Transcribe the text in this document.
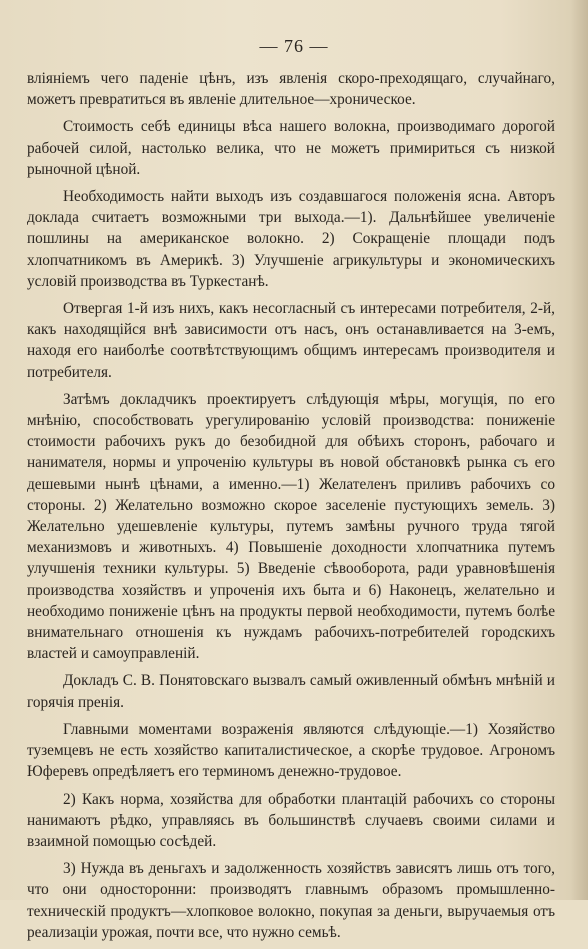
— 76 —

вліяніемъ чего паденіе цѣнъ, изъ явленія скоро-преходящаго, случайнаго, можетъ превратиться въ явленіе длительное—хроническое.

Стоимость себѣ единицы вѣса нашего волокна, производимаго дорогой рабочей силой, настолько велика, что не можетъ примириться съ низкой рыночной цѣной.

Необходимость найти выходъ изъ создавшагося положенія ясна. Авторъ доклада считаетъ возможными три выхода.—1). Дальнѣйшее увеличеніе пошлины на американское волокно. 2) Сокращеніе площади подъ хлопчатникомъ въ Америкѣ. 3) Улучшеніе агрикультуры и экономическихъ условій производства въ Туркестанѣ.

Отвергая 1-й изъ нихъ, какъ несогласный съ интересами потребителя, 2-й, какъ находящійся внѣ зависимости отъ насъ, онъ останавливается на 3-емъ, находя его наиболѣе соотвѣтствующимъ общимъ интересамъ производителя и потребителя.

Затѣмъ докладчикъ проектируетъ слѣдующія мѣры, могущія, по его мнѣнію, способствовать урегулированію условій производства: пониженіе стоимости рабочихъ рукъ до безобидной для обѣихъ сторонъ, рабочаго и нанимателя, нормы и упроченію культуры въ новой обстановкѣ рынка съ его дешевыми нынѣ цѣнами, а именно.—1) Желателенъ приливъ рабочихъ со стороны. 2) Желательно возможно скорое заселеніе пустующихъ земель. 3) Желательно удешевленіе культуры, путемъ замѣны ручного труда тягой механизмовъ и животныхъ. 4) Повышеніе доходности хлопчатника путемъ улучшенія техники культуры. 5) Введеніе сѣвооборота, ради уравновѣшенія производства хозяйствъ и упроченія ихъ быта и 6) Наконецъ, желательно и необходимо пониженіе цѣнъ на продукты первой необходимости, путемъ болѣе внимательнаго отношенія къ нуждамъ рабочихъ-потребителей городскихъ властей и самоуправленій.

Докладъ С. В. Понятовскаго вызвалъ самый оживленный обмѣнъ мнѣній и горячія пренія.

Главными моментами возраженія являются слѣдующіе.—1) Хозяйство туземцевъ не есть хозяйство капиталистическое, а скорѣе трудовое. Агрономъ Юферевъ опредѣляетъ его терминомъ денежно-трудовое.

2) Какъ норма, хозяйства для обработки плантацій рабочихъ со стороны нанимаютъ рѣдко, управляясь въ большинствѣ случаевъ своими силами и взаимной помощью сосѣдей.

3) Нужда въ деньгахъ и задолженность хозяйствъ зависятъ лишь отъ того, что они односторонни: производятъ главнымъ образомъ промышленно-техническій продуктъ—хлопковое волокно, покупая за деньги, выручаемыя отъ реализаціи урожая, почти все, что нужно семьѣ.
